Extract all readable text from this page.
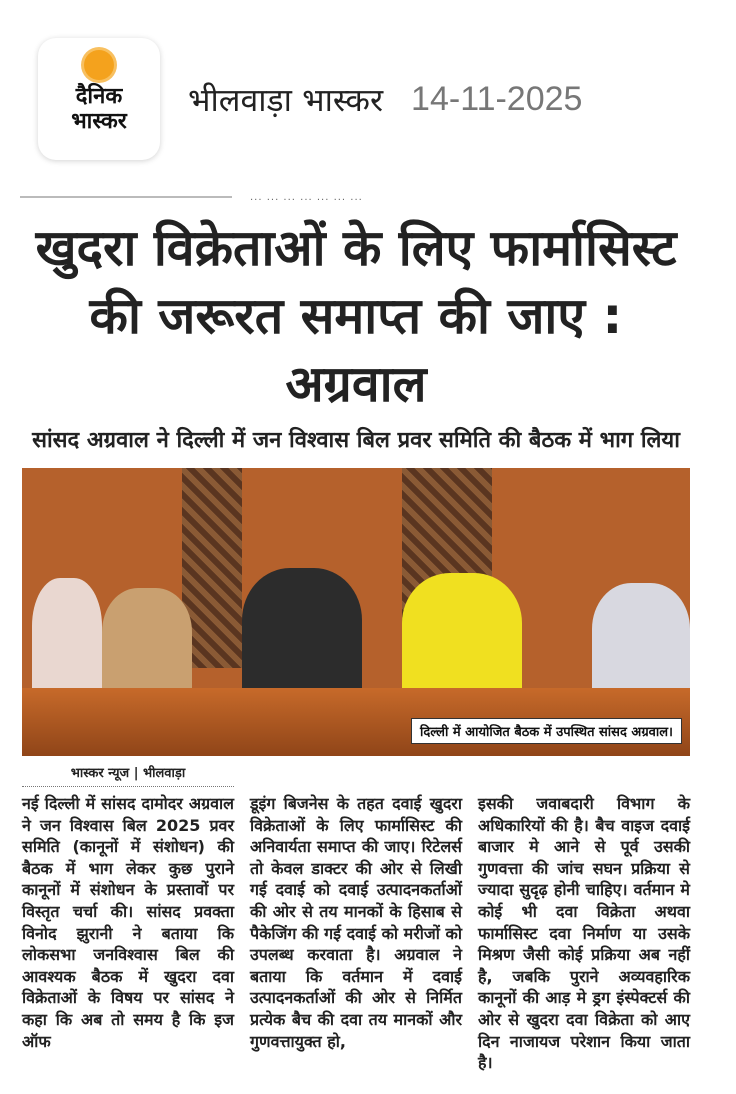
दैनिक
भास्कर
भीलवाड़ा भास्कर 14-11-2025
... ... ... ... ... ... ...
खुदरा विक्रेताओं के लिए फार्मासिस्ट की जरूरत समाप्त की जाए : अग्रवाल
सांसद अग्रवाल ने दिल्ली में जन विश्वास बिल प्रवर समिति की बैठक में भाग लिया
दिल्ली में आयोजित बैठक में उपस्थित सांसद अग्रवाल।
भास्कर न्यूज | भीलवाड़ा
नई दिल्ली में सांसद दामोदर अग्रवाल ने जन विश्वास बिल 2025 प्रवर समिति (कानूनों में संशोधन) की बैठक में भाग लेकर कुछ पुराने कानूनों में संशोधन के प्रस्तावों पर विस्तृत चर्चा की। सांसद प्रवक्ता विनोद झुरानी ने बताया कि लोकसभा जनविश्वास बिल की आवश्यक बैठक में खुदरा दवा विक्रेताओं के विषय पर सांसद ने कहा कि अब तो समय है कि इज ऑफ
डूइंग बिजनेस के तहत दवाई खुदरा विक्रेताओं के लिए फार्मासिस्ट की अनिवार्यता समाप्त की जाए। रिटेलर्स तो केवल डाक्टर की ओर से लिखी गई दवाई को दवाई उत्पादनकर्ताओं की ओर से तय मानकों के हिसाब से पैकेजिंग की गई दवाई को मरीजों को उपलब्ध करवाता है। अग्रवाल ने बताया कि वर्तमान में दवाई उत्पादनकर्ताओं की ओर से निर्मित प्रत्येक बैच की दवा तय मानकों और गुणवत्तायुक्त हो,
इसकी जवाबदारी विभाग के अधिकारियों की है। बैच वाइज दवाई बाजार मे आने से पूर्व उसकी गुणवत्ता की जांच सघन प्रक्रिया से ज्यादा सुदृढ़ होनी चाहिए। वर्तमान मे कोई भी दवा विक्रेता अथवा फार्मासिस्ट दवा निर्माण या उसके मिश्रण जैसी कोई प्रक्रिया अब नहीं है, जबकि पुराने अव्यवहारिक कानूनों की आड़ मे ड्रग इंस्पेक्टर्स की ओर से खुदरा दवा विक्रेता को आए दिन नाजायज परेशान किया जाता है।
